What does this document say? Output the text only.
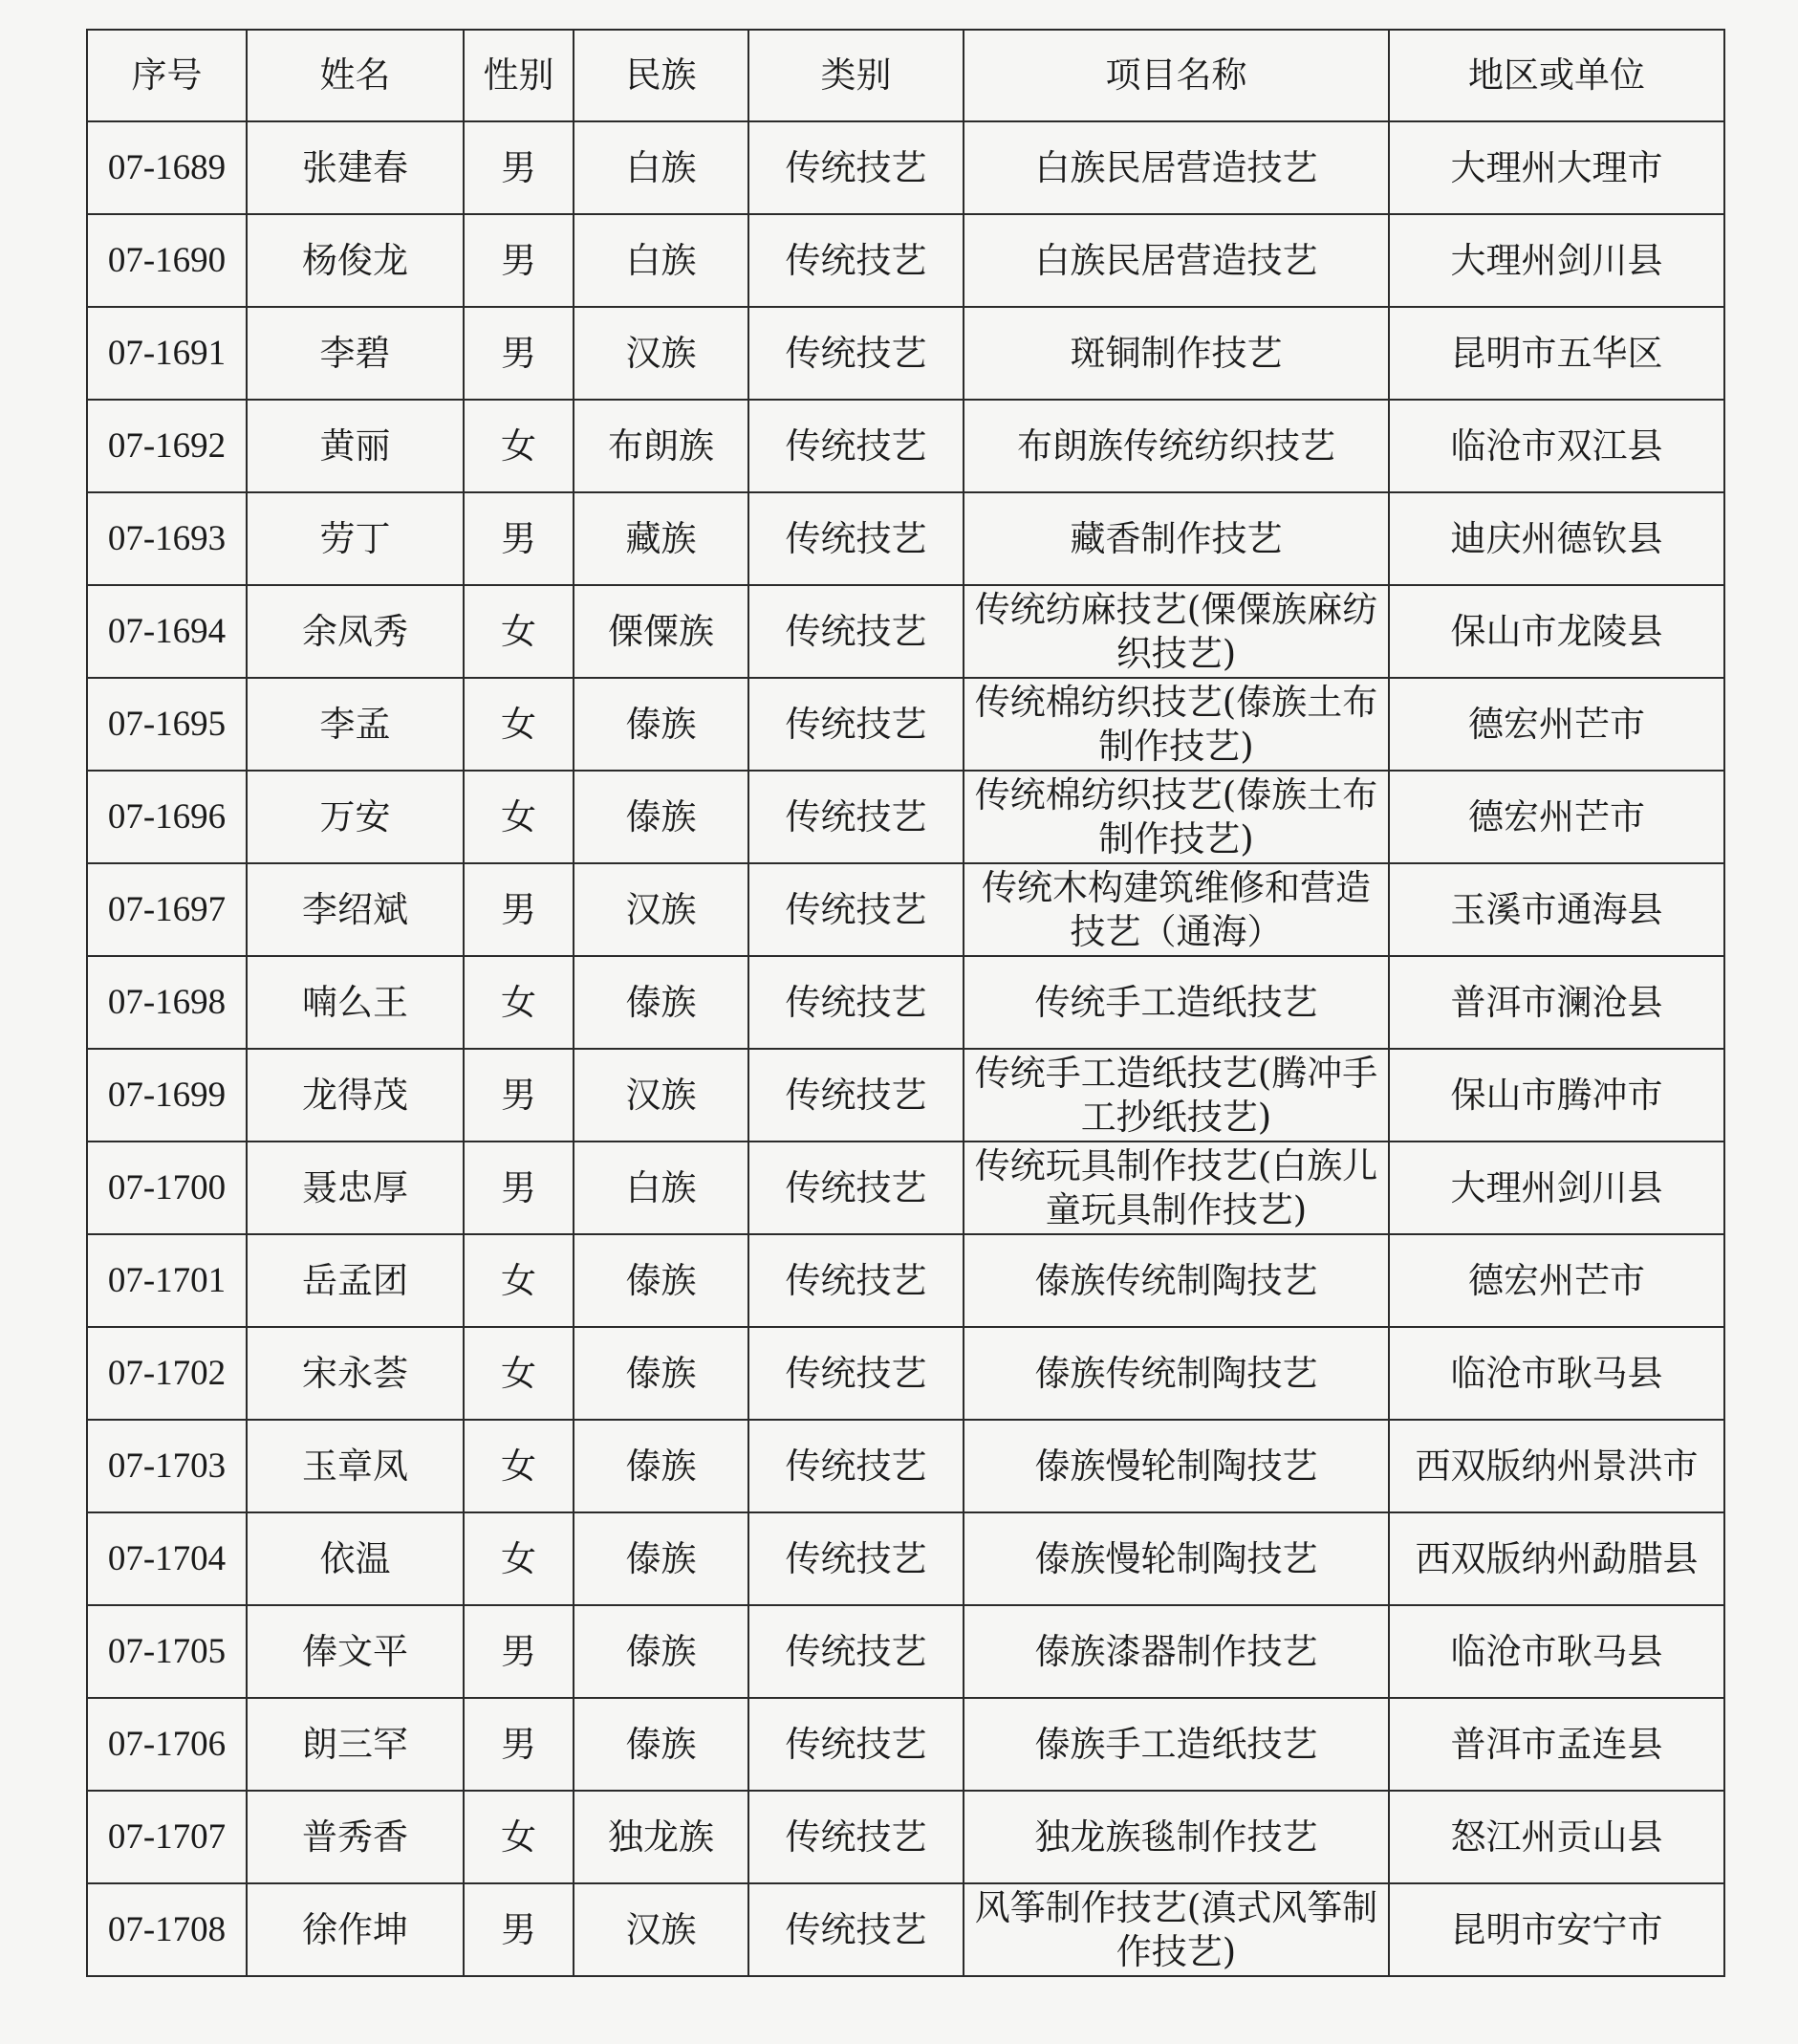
序号	姓名	性别	民族	类别	项目名称	地区或单位
07-1689	张建春	男	白族	传统技艺	白族民居营造技艺	大理州大理市
07-1690	杨俊龙	男	白族	传统技艺	白族民居营造技艺	大理州剑川县
07-1691	李碧	男	汉族	传统技艺	斑铜制作技艺	昆明市五华区
07-1692	黄丽	女	布朗族	传统技艺	布朗族传统纺织技艺	临沧市双江县
07-1693	劳丁	男	藏族	传统技艺	藏香制作技艺	迪庆州德钦县
07-1694	余凤秀	女	傈僳族	传统技艺	传统纺麻技艺(傈僳族麻纺织技艺)	保山市龙陵县
07-1695	李孟	女	傣族	传统技艺	传统棉纺织技艺(傣族土布制作技艺)	德宏州芒市
07-1696	万安	女	傣族	传统技艺	传统棉纺织技艺(傣族土布制作技艺)	德宏州芒市
07-1697	李绍斌	男	汉族	传统技艺	传统木构建筑维修和营造技艺（通海）	玉溪市通海县
07-1698	喃么王	女	傣族	传统技艺	传统手工造纸技艺	普洱市澜沧县
07-1699	龙得茂	男	汉族	传统技艺	传统手工造纸技艺(腾冲手工抄纸技艺)	保山市腾冲市
07-1700	聂忠厚	男	白族	传统技艺	传统玩具制作技艺(白族儿童玩具制作技艺)	大理州剑川县
07-1701	岳孟团	女	傣族	传统技艺	傣族传统制陶技艺	德宏州芒市
07-1702	宋永荟	女	傣族	传统技艺	傣族传统制陶技艺	临沧市耿马县
07-1703	玉章凤	女	傣族	传统技艺	傣族慢轮制陶技艺	西双版纳州景洪市
07-1704	依温	女	傣族	传统技艺	傣族慢轮制陶技艺	西双版纳州勐腊县
07-1705	俸文平	男	傣族	传统技艺	傣族漆器制作技艺	临沧市耿马县
07-1706	朗三罕	男	傣族	传统技艺	傣族手工造纸技艺	普洱市孟连县
07-1707	普秀香	女	独龙族	传统技艺	独龙族毯制作技艺	怒江州贡山县
07-1708	徐作坤	男	汉族	传统技艺	风筝制作技艺(滇式风筝制作技艺)	昆明市安宁市
